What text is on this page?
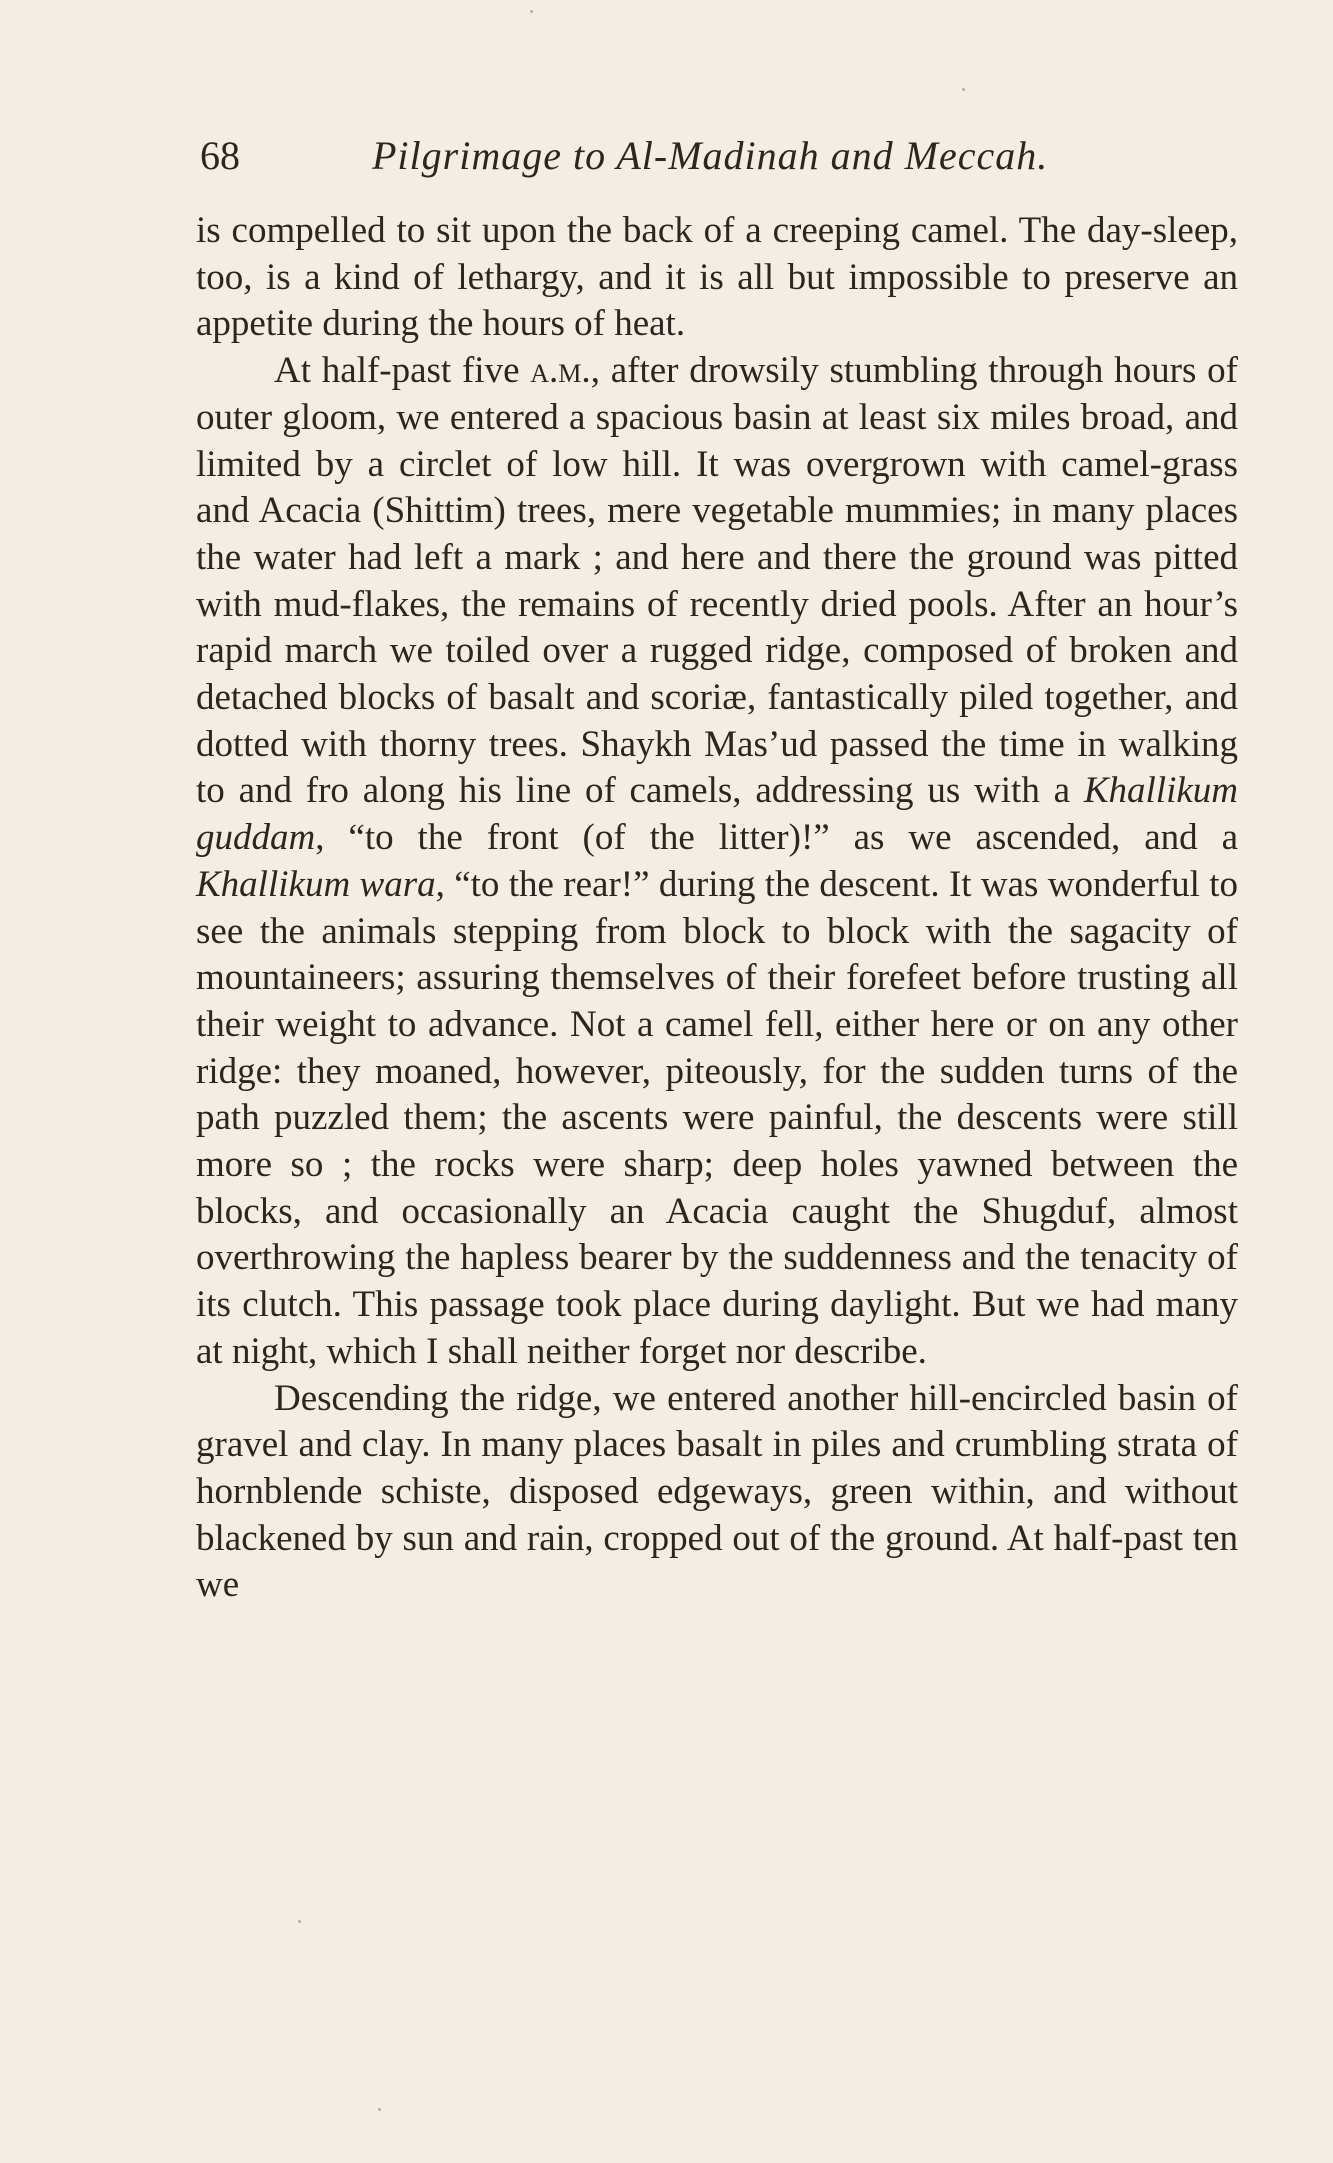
68	Pilgrimage to Al-Madinah and Meccah.

is compelled to sit upon the back of a creeping camel. The day-sleep, too, is a kind of lethargy, and it is all but impossible to preserve an appetite during the hours of heat.

At half-past five a.m., after drowsily stumbling through hours of outer gloom, we entered a spacious basin at least six miles broad, and limited by a circlet of low hill. It was overgrown with camel-grass and Acacia (Shittim) trees, mere vegetable mummies; in many places the water had left a mark ; and here and there the ground was pitted with mud-flakes, the remains of recently dried pools. After an hour’s rapid march we toiled over a rugged ridge, composed of broken and detached blocks of basalt and scoriæ, fantastically piled together, and dotted with thorny trees. Shaykh Mas’ud passed the time in walking to and fro along his line of camels, addressing us with a Khallikum guddam, “to the front (of the litter)!” as we ascended, and a Khallikum wara, “to the rear!” during the descent. It was wonderful to see the animals stepping from block to block with the sagacity of mountaineers; assuring themselves of their forefeet before trusting all their weight to advance. Not a camel fell, either here or on any other ridge: they moaned, however, piteously, for the sudden turns of the path puzzled them; the ascents were painful, the descents were still more so ; the rocks were sharp; deep holes yawned between the blocks, and occasionally an Acacia caught the Shugduf, almost overthrowing the hapless bearer by the suddenness and the tenacity of its clutch. This passage took place during daylight. But we had many at night, which I shall neither forget nor describe.

Descending the ridge, we entered another hill-encircled basin of gravel and clay. In many places basalt in piles and crumbling strata of hornblende schiste, disposed edgeways, green within, and without blackened by sun and rain, cropped out of the ground. At half-past ten we
